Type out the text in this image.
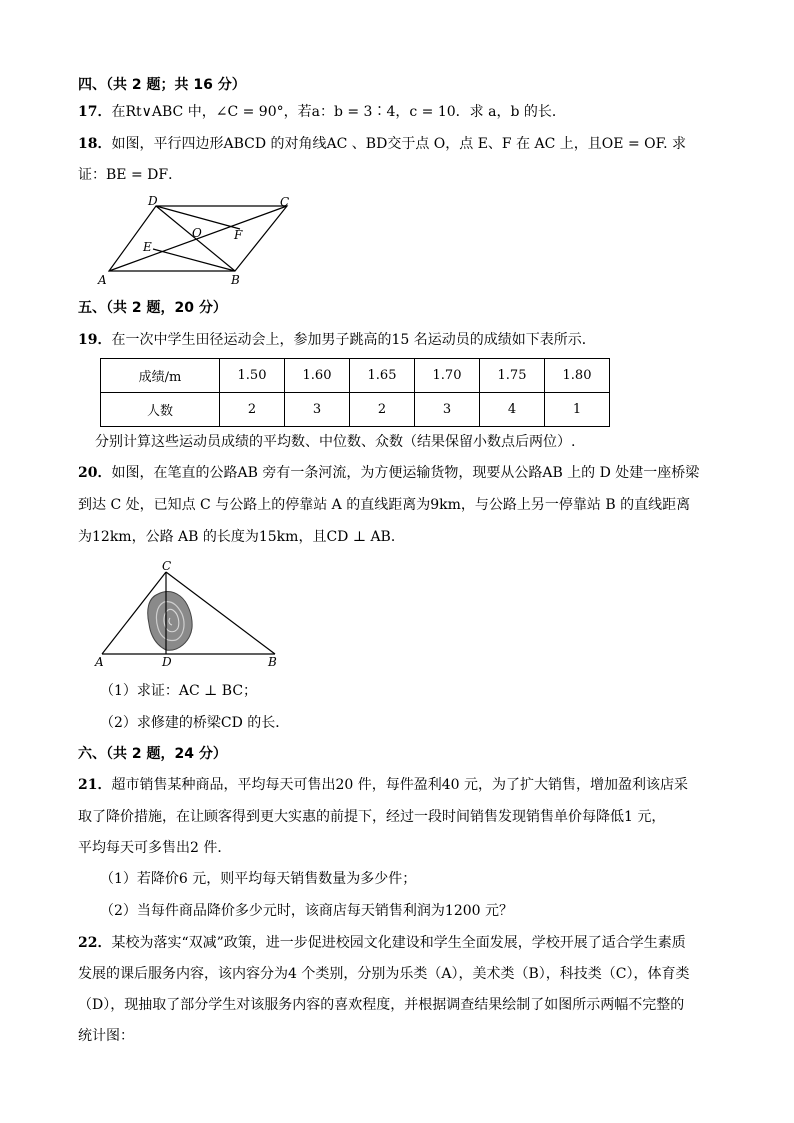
四、（共 2 题；共 16 分）
17．在Rt∨ABC 中，∠C = 90°，若a：b = 3∶4，c = 10．求 a，b 的长．
18．如图，平行四边形ABCD 的对角线AC 、BD交于点 O，点 E、F 在 AC 上，且OE = OF. 求
证：BE = DF．
D	C
O	F
E
A	B
五、（共 2 题，20 分）
19．在一次中学生田径运动会上，参加男子跳高的15 名运动员的成绩如下表所示．
成绩/m	1.50	1.60	1.65	1.70	1.75	1.80
人数	2	3	2	3	4	1
分别计算这些运动员成绩的平均数、中位数、众数（结果保留小数点后两位）.
20．如图，在笔直的公路AB 旁有一条河流，为方便运输货物，现要从公路AB 上的 D 处建一座桥梁
到达 C 处，已知点 C 与公路上的停靠站 A 的直线距离为9km，与公路上另一停靠站 B 的直线距离
为12km，公路 AB 的长度为15km，且CD ⊥ AB．
C
A	D	B
（1）求证：AC ⊥ BC；
（2）求修建的桥梁CD 的长．
六、（共 2 题，24 分）
21．超市销售某种商品，平均每天可售出20 件，每件盈利40 元，为了扩大销售，增加盈利该店采
取了降价措施，在让顾客得到更大实惠的前提下，经过一段时间销售发现销售单价每降低1 元，
平均每天可多售出2 件．
（1）若降价6 元，则平均每天销售数量为多少件；
（2）当每件商品降价多少元时，该商店每天销售利润为1200 元？
22．某校为落实“双减”政策，进一步促进校园文化建设和学生全面发展，学校开展了适合学生素质
发展的课后服务内容，该内容分为4 个类别，分别为乐类（A），美术类（B），科技类（C），体育类
（D），现抽取了部分学生对该服务内容的喜欢程度，并根据调查结果绘制了如图所示两幅不完整的
统计图：
